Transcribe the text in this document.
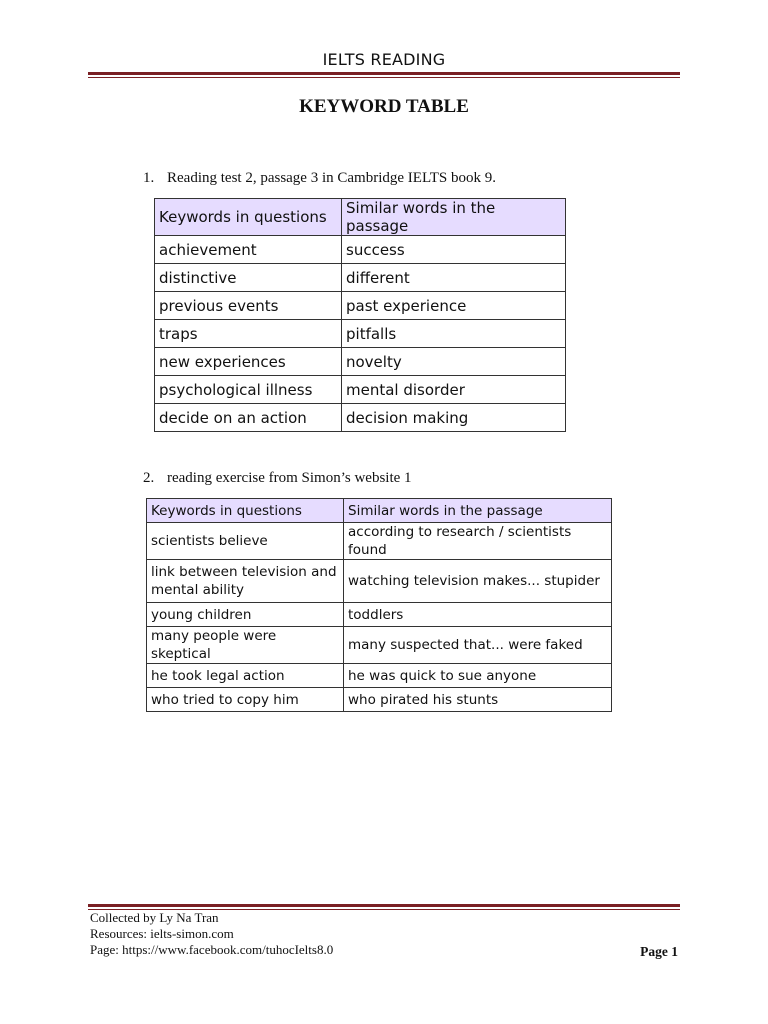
IELTS READING
KEYWORD TABLE
1. Reading test 2, passage 3 in Cambridge IELTS book 9.
Keywords in questions	Similar words in the passage
achievement	success
distinctive	different
previous events	past experience
traps	pitfalls
new experiences	novelty
psychological illness	mental disorder
decide on an action	decision making
2. reading exercise from Simon’s website 1
Keywords in questions	Similar words in the passage
scientists believe	according to research / scientists found
link between television and mental ability	watching television makes... stupider
young children	toddlers
many people were skeptical	many suspected that... were faked
he took legal action	he was quick to sue anyone
who tried to copy him	who pirated his stunts
Collected by Ly Na Tran
Resources: ielts-simon.com
Page: https://www.facebook.com/tuhocIelts8.0	Page 1
